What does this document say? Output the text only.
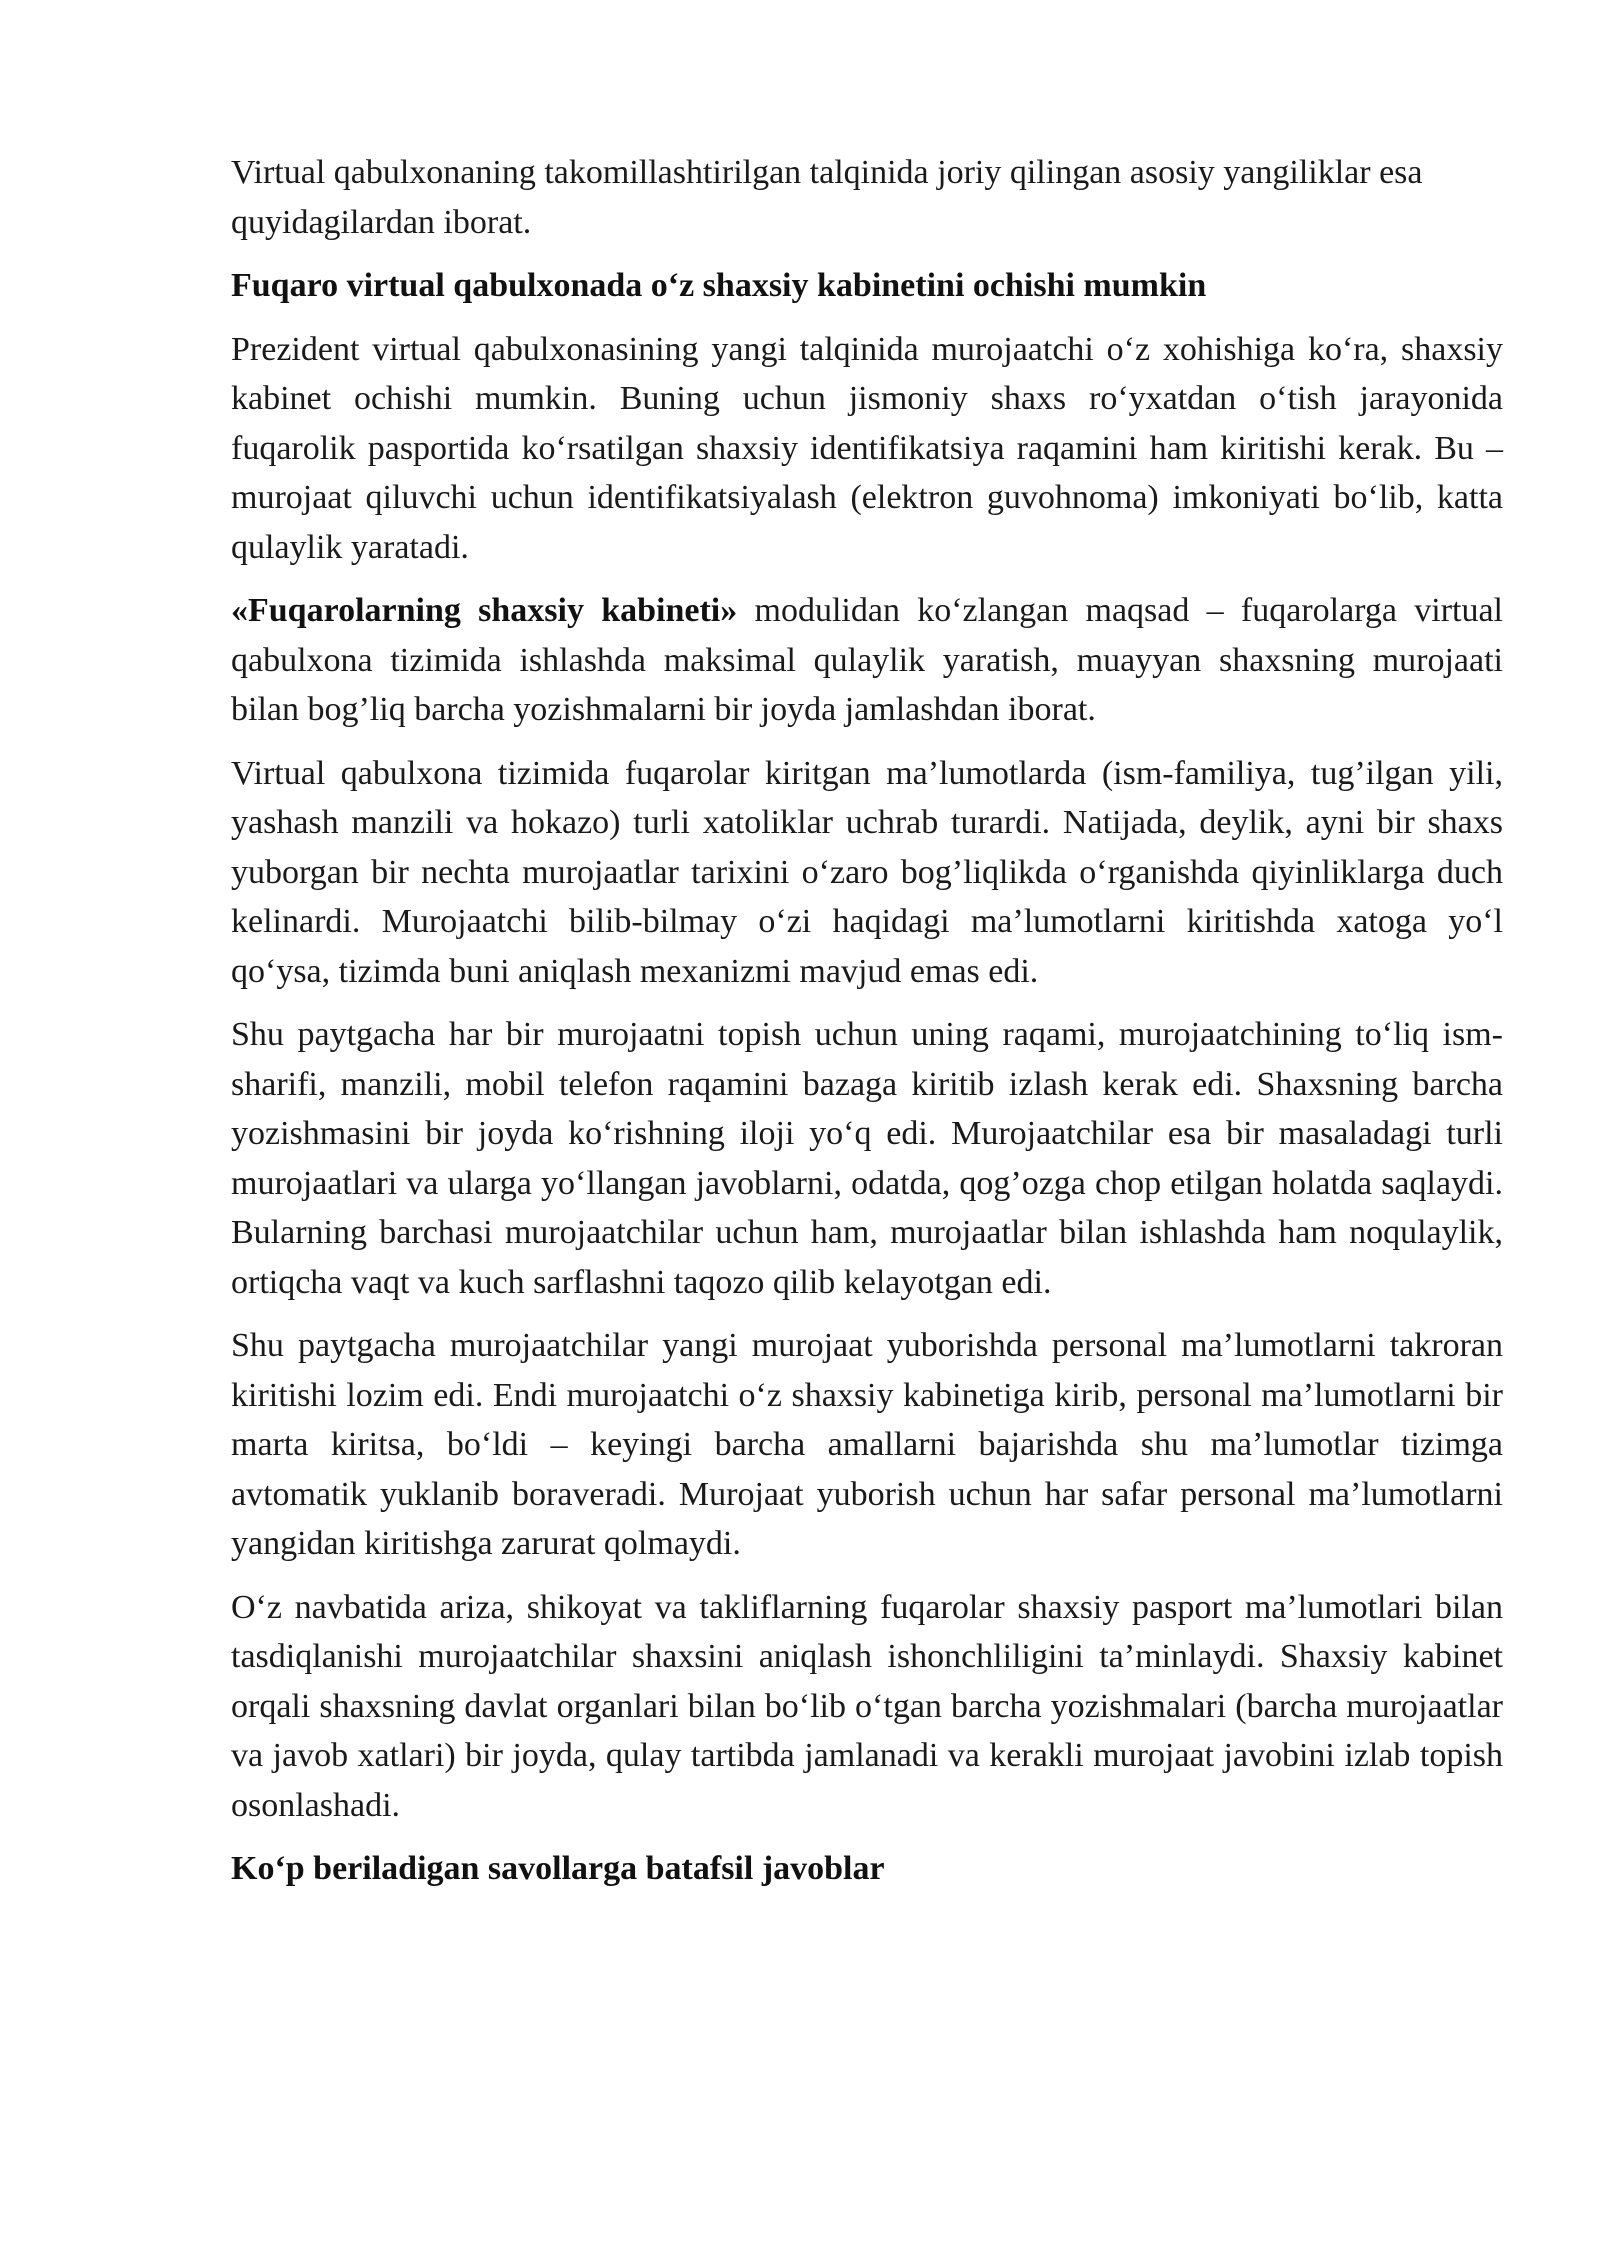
Virtual qabulxonaning takomillashtirilgan talqinida joriy qilingan asosiy yangiliklar esa quyidagilardan iborat.

Fuqaro virtual qabulxonada o‘z shaxsiy kabinetini ochishi mumkin

Prezident virtual qabulxonasining yangi talqinida murojaatchi o‘z xohishiga ko‘ra, shaxsiy kabinet ochishi mumkin. Buning uchun jismoniy shaxs ro‘yxatdan o‘tish jarayonida fuqarolik pasportida ko‘rsatilgan shaxsiy identifikatsiya raqamini ham kiritishi kerak. Bu – murojaat qiluvchi uchun identifikatsiyalash (elektron guvohnoma) imkoniyati bo‘lib, katta qulaylik yaratadi.

«Fuqarolarning shaxsiy kabineti» modulidan ko‘zlangan maqsad – fuqarolarga virtual qabulxona tizimida ishlashda maksimal qulaylik yaratish, muayyan shaxsning murojaati bilan bog’liq barcha yozishmalarni bir joyda jamlashdan iborat.

Virtual qabulxona tizimida fuqarolar kiritgan ma’lumotlarda (ism-familiya, tug’ilgan yili, yashash manzili va hokazo) turli xatoliklar uchrab turardi. Natijada, deylik, ayni bir shaxs yuborgan bir nechta murojaatlar tarixini o‘zaro bog’liqlikda o‘rganishda qiyinliklarga duch kelinardi. Murojaatchi bilib-bilmay o‘zi haqidagi ma’lumotlarni kiritishda xatoga yo‘l qo‘ysa, tizimda buni aniqlash mexanizmi mavjud emas edi.

Shu paytgacha har bir murojaatni topish uchun uning raqami, murojaatchining to‘liq ism-sharifi, manzili, mobil telefon raqamini bazaga kiritib izlash kerak edi. Shaxsning barcha yozishmasini bir joyda ko‘rishning iloji yo‘q edi. Murojaatchilar esa bir masaladagi turli murojaatlari va ularga yo‘llangan javoblarni, odatda, qog’ozga chop etilgan holatda saqlaydi. Bularning barchasi murojaatchilar uchun ham, murojaatlar bilan ishlashda ham noqulaylik, ortiqcha vaqt va kuch sarflashni taqozo qilib kelayotgan edi.

Shu paytgacha murojaatchilar yangi murojaat yuborishda personal ma’lumotlarni takroran kiritishi lozim edi. Endi murojaatchi o‘z shaxsiy kabinetiga kirib, personal ma’lumotlarni bir marta kiritsa, bo‘ldi – keyingi barcha amallarni bajarishda shu ma’lumotlar tizimga avtomatik yuklanib boraveradi. Murojaat yuborish uchun har safar personal ma’lumotlarni yangidan kiritishga zarurat qolmaydi.

O‘z navbatida ariza, shikoyat va takliflarning fuqarolar shaxsiy pasport ma’lumotlari bilan tasdiqlanishi murojaatchilar shaxsini aniqlash ishonchliligini ta’minlaydi. Shaxsiy kabinet orqali shaxsning davlat organlari bilan bo‘lib o‘tgan barcha yozishmalari (barcha murojaatlar va javob xatlari) bir joyda, qulay tartibda jamlanadi va kerakli murojaat javobini izlab topish osonlashadi.

Ko‘p beriladigan savollarga batafsil javoblar
